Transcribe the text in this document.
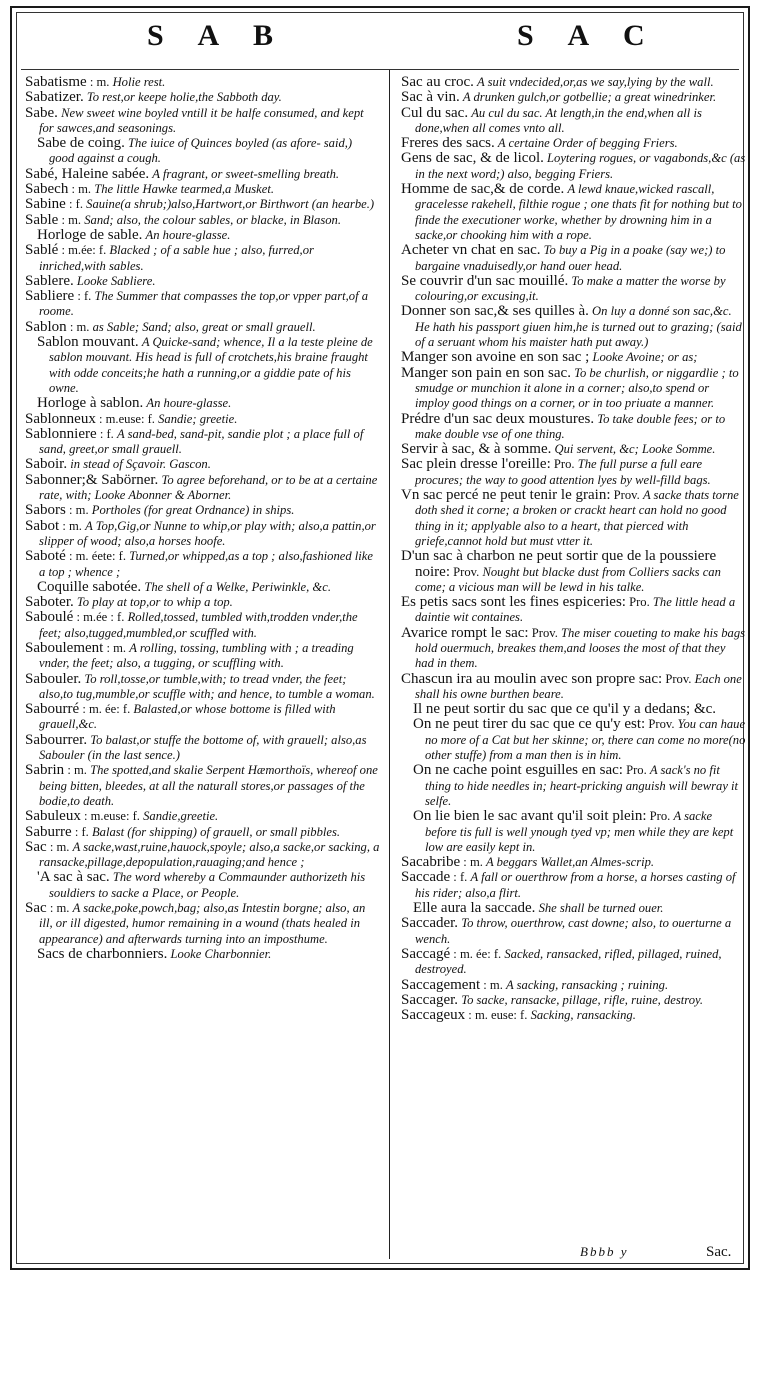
S A B	S A C

Sabatisme : m. Holie rest.

Sabatizer. To rest,or keepe holie,the Sabboth day.

Sabe. New sweet wine boyled vntill it be halfe consumed, and kept for sawces,and seasonings.

Sabe de coing. The iuice of Quinces boyled (as afore- said,) good against a cough.

Sabé, Haleine sabée. A fragrant, or sweet-smelling breath.

Sabech : m. The little Hawke tearmed,a Musket.

Sabine : f. Sauine(a shrub;)also,Hartwort,or Birthwort (an hearbe.)

Sable : m. Sand; also, the colour sables, or blacke, in Blason.

Horloge de sable. An houre-glasse.

Sablé : m.ée: f. Blacked ; of a sable hue ; also, furred,or inriched,with sables.

Sablere. Looke Sabliere.

Sabliere : f. The Summer that compasses the top,or vpper part,of a roome.

Sablon : m. as Sable; Sand; also, great or small grauell.

Sablon mouvant. A Quicke-sand; whence, Il a la teste pleine de sablon mouvant. His head is full of crotchets,his braine fraught with odde conceits;he hath a running,or a giddie pate of his owne.

Horloge à sablon. An houre-glasse.

Sablonneux : m.euse: f. Sandie; greetie.

Sablonniere : f. A sand-bed, sand-pit, sandie plot ; a place full of sand, greet,or small grauell.

Saboir. in stead of Sçavoir. Gascon.

Sabonner;& Sabörner. To agree beforehand, or to be at a certaine rate, with; Looke Abonner & Aborner.

Sabors : m. Portholes (for great Ordnance) in ships.

Sabot : m. A Top,Gig,or Nunne to whip,or play with; also,a pattin,or slipper of wood; also,a horses hoofe.

Saboté : m. éete: f. Turned,or whipped,as a top ; also,fashioned like a top ; whence ;

Coquille sabotée. The shell of a Welke, Periwinkle, &c.

Saboter. To play at top,or to whip a top.

Saboulé : m.ée : f. Rolled,tossed, tumbled with,trodden vnder,the feet; also,tugged,mumbled,or scuffled with.

Saboulement : m. A rolling, tossing, tumbling with ; a treading vnder, the feet; also, a tugging, or scuffling with.

Sabouler. To roll,tosse,or tumble,with; to tread vnder, the feet; also,to tug,mumble,or scuffle with; and hence, to tumble a woman.

Sabourré : m. ée: f. Balasted,or whose bottome is filled with grauell,&c.

Sabourrer. To balast,or stuffe the bottome of, with grauell; also,as Sabouler (in the last sence.)

Sabrin : m. The spotted,and skalie Serpent Hæmorthoïs, whereof one being bitten, bleedes, at all the naturall stores,or passages of the bodie,to death.

Sabuleux : m.euse: f. Sandie,greetie.

Saburre : f. Balast (for shipping) of grauell, or small pibbles.

Sac : m. A sacke,wast,ruine,hauock,spoyle; also,a sacke,or sacking, a ransacke,pillage,depopulation,rauaging;and hence ;

'A sac à sac. The word whereby a Commaunder authorizeth his souldiers to sacke a Place, or People.

Sac : m. A sacke,poke,powch,bag; also,as Intestin borgne; also, an ill, or ill digested, humor remaining in a wound (thats healed in appearance) and afterwards turning into an imposthume.

Sacs de charbonniers. Looke Charbonnier.

Sac au croc. A suit vndecided,or,as we say,lying by the wall.

Sac à vin. A drunken gulch,or gotbellie; a great winedrinker.

Cul du sac. Au cul du sac. At length,in the end,when all is done,when all comes vnto all.

Freres des sacs. A certaine Order of begging Friers.

Gens de sac, & de licol. Loytering rogues, or vagabonds,&c (as in the next word;) also, begging Friers.

Homme de sac,& de corde. A lewd knaue,wicked rascall, gracelesse rakehell, filthie rogue ; one thats fit for nothing but to finde the executioner worke, whether by drowning him in a sacke,or chooking him with a rope.

Acheter vn chat en sac. To buy a Pig in a poake (say we;) to bargaine vnaduisedly,or hand ouer head.

Se couvrir d'un sac mouillé. To make a matter the worse by colouring,or excusing,it.

Donner son sac,& ses quilles à. On luy a donné son sac,&c. He hath his passport giuen him,he is turned out to grazing; (said of a seruant whom his maister hath put away.)

Manger son avoine en son sac ; Looke Avoine; or as;

Manger son pain en son sac. To be churlish, or niggardlie ; to smudge or munchion it alone in a corner; also,to spend or imploy good things on a corner, or in too priuate a manner.

Prédre d'un sac deux moustures. To take double fees; or to make double vse of one thing.

Servir à sac, & à somme. Qui servent, &c; Looke Somme.

Sac plein dresse l'oreille: Pro. The full purse a full eare procures; the way to good attention lyes by well-filld bags.

Vn sac percé ne peut tenir le grain: Prov. A sacke thats torne doth shed it corne; a broken or crackt heart can hold no good thing in it; applyable also to a heart, that pierced with griefe,cannot hold but must vtter it.

D'un sac à charbon ne peut sortir que de la poussiere noire: Prov. Nought but blacke dust from Colliers sacks can come; a vicious man will be lewd in his talke.

Es petis sacs sont les fines espiceries: Pro. The little head a daintie wit containes.

Avarice rompt le sac: Prov. The miser coueting to make his bags hold ouermuch, breakes them,and looses the most of that they had in them.

Chascun ira au moulin avec son propre sac: Prov. Each one shall his owne burthen beare.

Il ne peut sortir du sac que ce qu'il y a dedans; &c.

On ne peut tirer du sac que ce qu'y est: Prov. You can haue no more of a Cat but her skinne; or, there can come no more(no other stuffe) from a man then is in him.

On ne cache point esguilles en sac: Pro. A sack's no fit thing to hide needles in; heart-pricking anguish will bewray it selfe.

On lie bien le sac avant qu'il soit plein: Pro. A sacke before tis full is well ynough tyed vp; men while they are kept low are easily kept in.

Sacabribe : m. A beggars Wallet,an Almes-scrip.

Saccade : f. A fall or ouerthrow from a horse, a horses casting of his rider; also,a flirt.

Elle aura la saccade. She shall be turned ouer.

Saccader. To throw, ouerthrow, cast downe; also, to ouerturne a wench.

Saccagé : m. ée: f. Sacked, ransacked, rifled, pillaged, ruined, destroyed.

Saccagement : m. A sacking, ransacking ; ruining.

Saccager. To sacke, ransacke, pillage, rifle, ruine, destroy.

Saccageux : m. euse: f. Sacking, ransacking.

Bbbb y	Sac.
